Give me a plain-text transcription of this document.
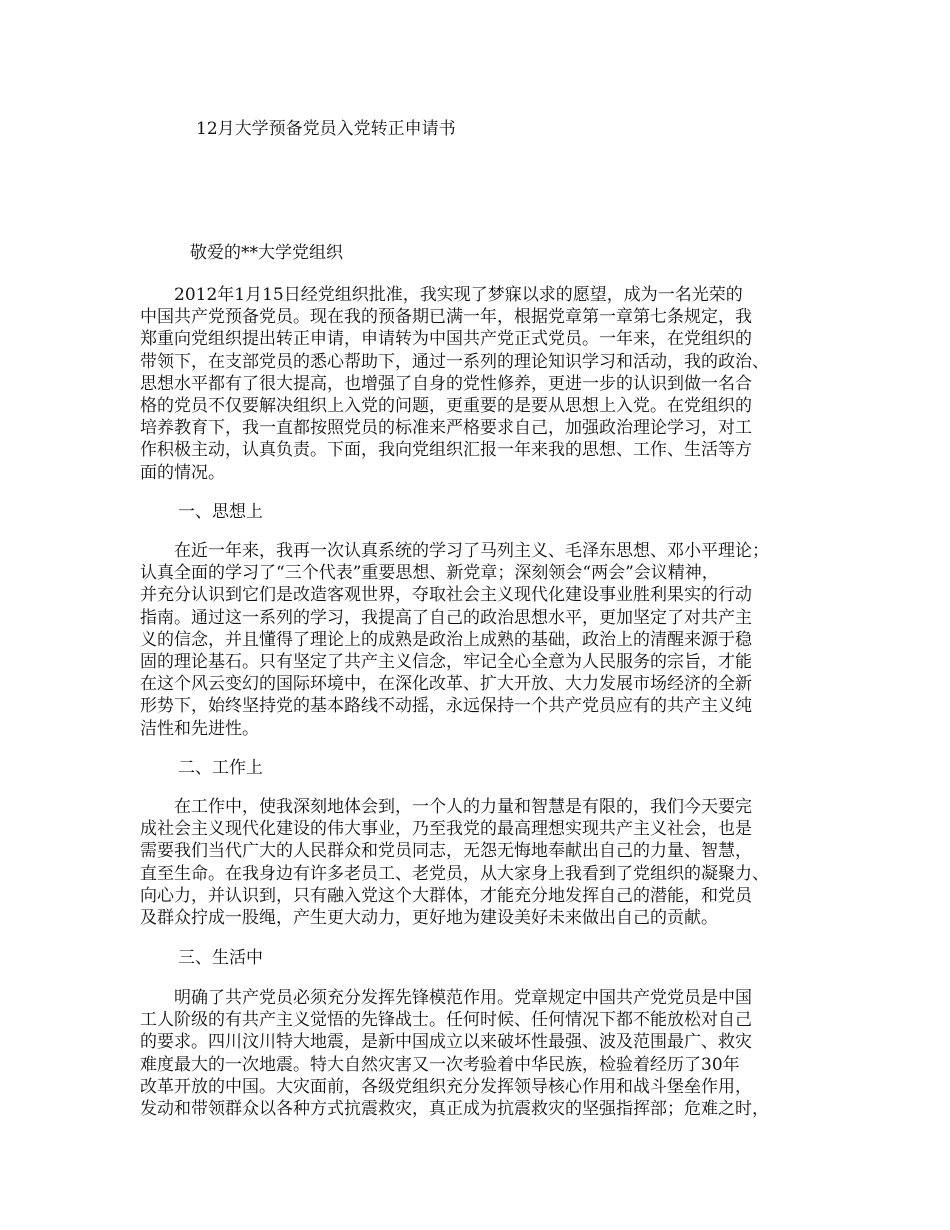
12月大学预备党员入党转正申请书
敬爱的**大学党组织
　　2012年1月15日经党组织批准，我实现了梦寐以求的愿望，成为一名光荣的
中国共产党预备党员。现在我的预备期已满一年，根据党章第一章第七条规定，我
郑重向党组织提出转正申请，申请转为中国共产党正式党员。一年来，在党组织的
带领下，在支部党员的悉心帮助下，通过一系列的理论知识学习和活动，我的政治、
思想水平都有了很大提高，也增强了自身的党性修养，更进一步的认识到做一名合
格的党员不仅要解决组织上入党的问题，更重要的是要从思想上入党。在党组织的
培养教育下，我一直都按照党员的标准来严格要求自己，加强政治理论学习，对工
作积极主动，认真负责。下面，我向党组织汇报一年来我的思想、工作、生活等方
面的情况。
一、思想上
　　在近一年来，我再一次认真系统的学习了马列主义、毛泽东思想、邓小平理论；
认真全面的学习了“三个代表”重要思想、新党章；深刻领会“两会”会议精神，
并充分认识到它们是改造客观世界，夺取社会主义现代化建设事业胜利果实的行动
指南。通过这一系列的学习，我提高了自己的政治思想水平，更加坚定了对共产主
义的信念，并且懂得了理论上的成熟是政治上成熟的基础，政治上的清醒来源于稳
固的理论基石。只有坚定了共产主义信念，牢记全心全意为人民服务的宗旨，才能
在这个风云变幻的国际环境中，在深化改革、扩大开放、大力发展市场经济的全新
形势下，始终坚持党的基本路线不动摇，永远保持一个共产党员应有的共产主义纯
洁性和先进性。
二、工作上
　　在工作中，使我深刻地体会到，一个人的力量和智慧是有限的，我们今天要完
成社会主义现代化建设的伟大事业，乃至我党的最高理想实现共产主义社会，也是
需要我们当代广大的人民群众和党员同志，无怨无悔地奉献出自己的力量、智慧，
直至生命。在我身边有许多老员工、老党员，从大家身上我看到了党组织的凝聚力、
向心力，并认识到，只有融入党这个大群体，才能充分地发挥自己的潜能，和党员
及群众拧成一股绳，产生更大动力，更好地为建设美好未来做出自己的贡献。
三、生活中
　　明确了共产党员必须充分发挥先锋模范作用。党章规定中国共产党党员是中国
工人阶级的有共产主义觉悟的先锋战士。任何时候、任何情况下都不能放松对自己
的要求。四川汶川特大地震，是新中国成立以来破坏性最强、波及范围最广、救灾
难度最大的一次地震。特大自然灾害又一次考验着中华民族，检验着经历了30年
改革开放的中国。大灾面前，各级党组织充分发挥领导核心作用和战斗堡垒作用，
发动和带领群众以各种方式抗震救灾，真正成为抗震救灾的坚强指挥部；危难之时，
